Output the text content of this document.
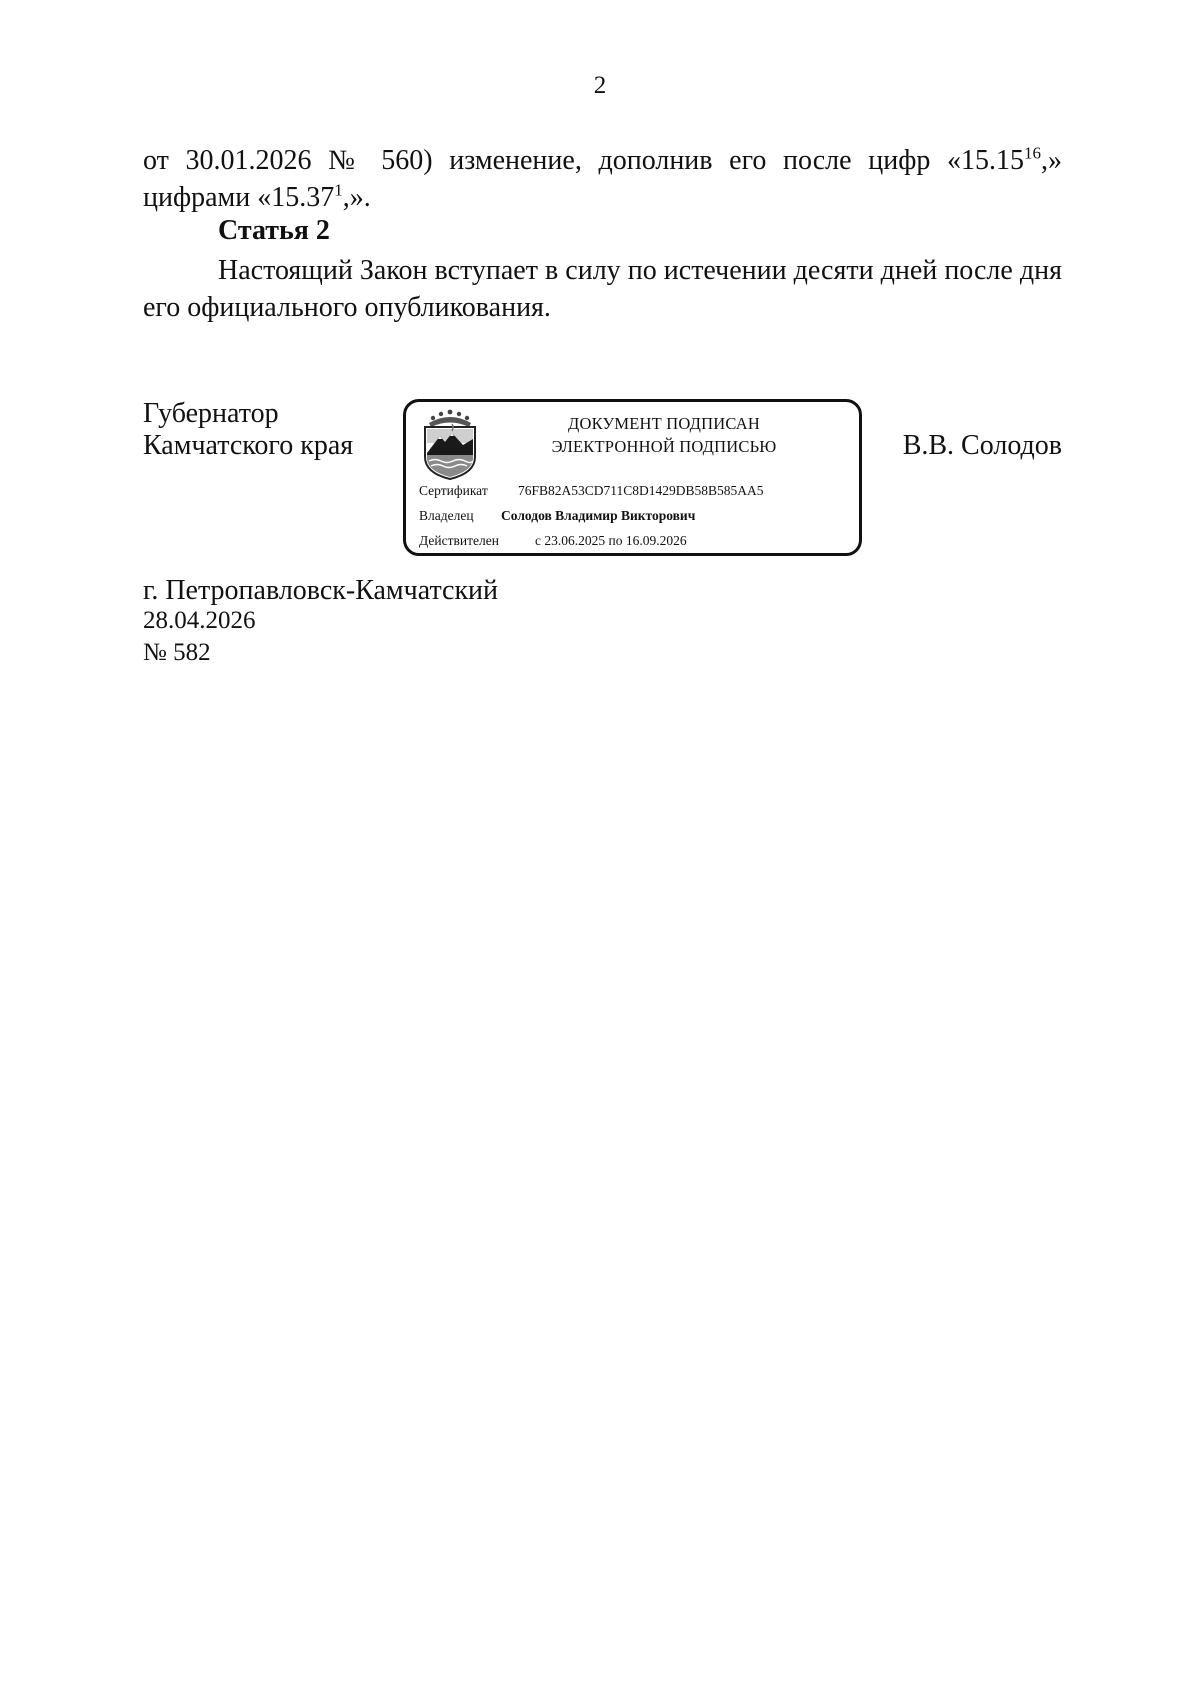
2
от 30.01.2026 № 560) изменение, дополнив его после цифр «15.15$^{16}$,»
цифрами «15.37$^1$,».
Статья 2
Настоящий Закон вступает в силу по истечении десяти дней после дня
его официального опубликования.
Губернатор
Камчатского края
ДОКУМЕНТ ПОДПИСАН
ЭЛЕКТРОННОЙ ПОДПИСЬЮ
Сертификат 76FB82A53CD711C8D1429DB58B585AA5
Владелец Солодов Владимир Викторович
Действителен	с 23.06.2025 по 16.09.2026
В.В. Солодов
г. Петропавловск-Камчатский
28.04.2026
№ 582
